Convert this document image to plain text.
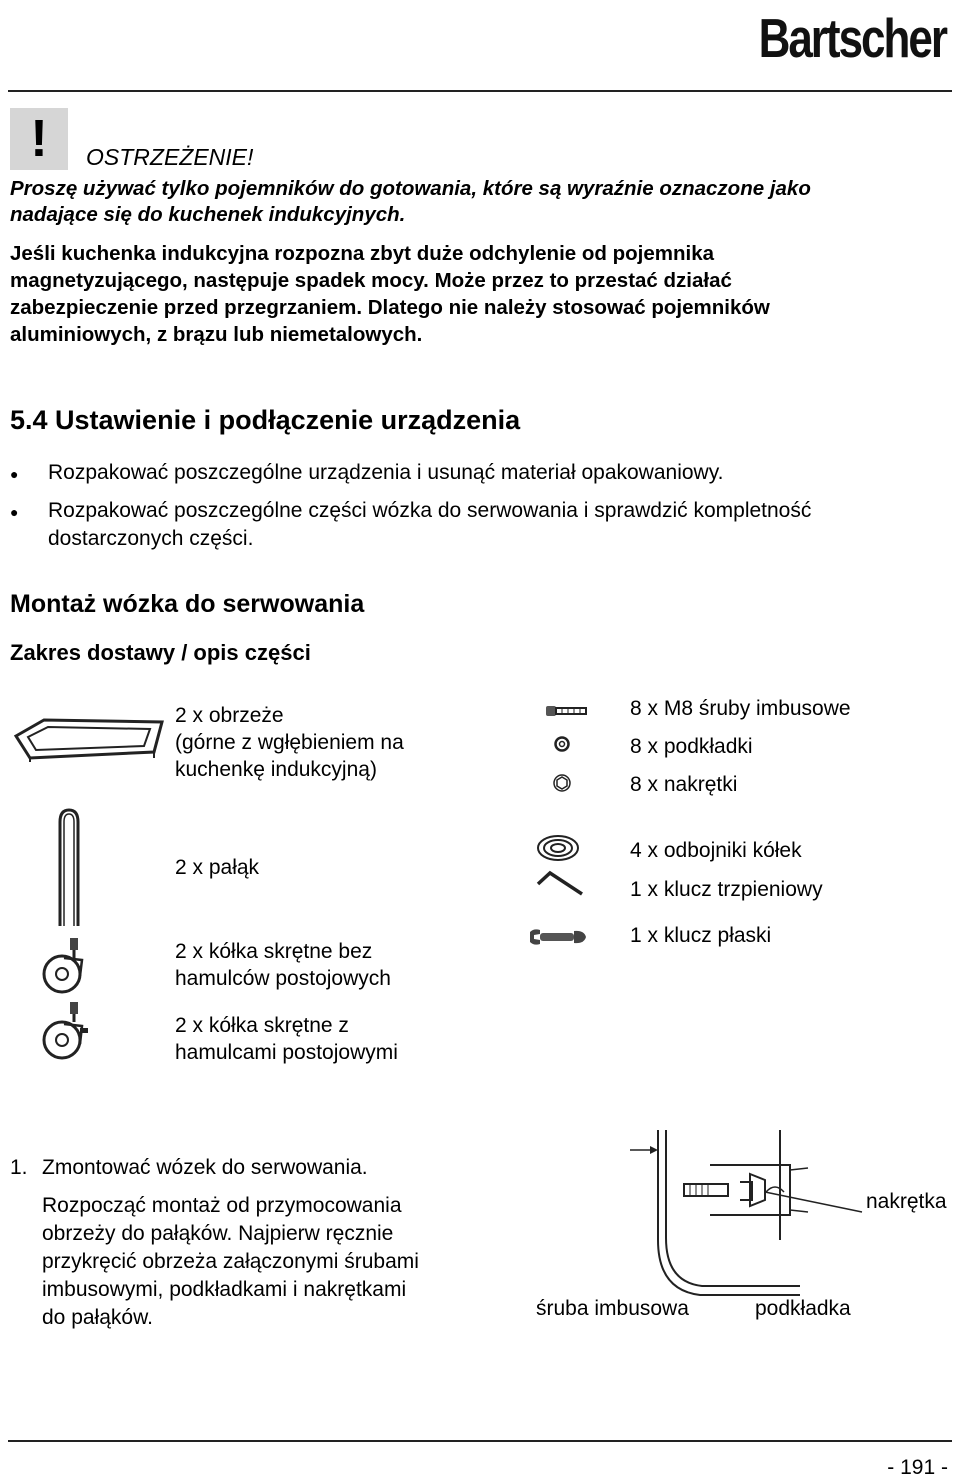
Bartscher
!	OSTRZEŻENIE!
Proszę używać tylko pojemników do gotowania, które są wyraźnie oznaczone jako
nadające się do kuchenek indukcyjnych.
Jeśli kuchenka indukcyjna rozpozna zbyt duże odchylenie od pojemnika
magnetyzującego, następuje spadek mocy. Może przez to przestać działać
zabezpieczenie przed przegrzaniem. Dlatego nie należy stosować pojemników
aluminiowych, z brązu lub niemetalowych.
5.4 Ustawienie i podłączenie urządzenia
● Rozpakować poszczególne urządzenia i usunąć materiał opakowaniowy.
● Rozpakować poszczególne części wózka do serwowania i sprawdzić kompletność
dostarczonych części.
Montaż wózka do serwowania
Zakres dostawy / opis części
2 x obrzeże
(górne z wgłębieniem na
kuchenkę indukcyjną)
2 x pałąk
2 x kółka skrętne bez
hamulców postojowych
2 x kółka skrętne z
hamulcami postojowymi
8 x M8 śruby imbusowe
8 x podkładki
8 x nakrętki
4 x odbojniki kółek
1 x klucz trzpieniowy
1 x klucz płaski
1. Zmontować wózek do serwowania.
Rozpocząć montaż od przymocowania
obrzeży do pałąków. Najpierw ręcznie
przykręcić obrzeża załączonymi śrubami
imbusowymi, podkładkami i nakrętkami
do pałąków.
nakrętka
śruba imbusowa	podkładka
- 191 -
